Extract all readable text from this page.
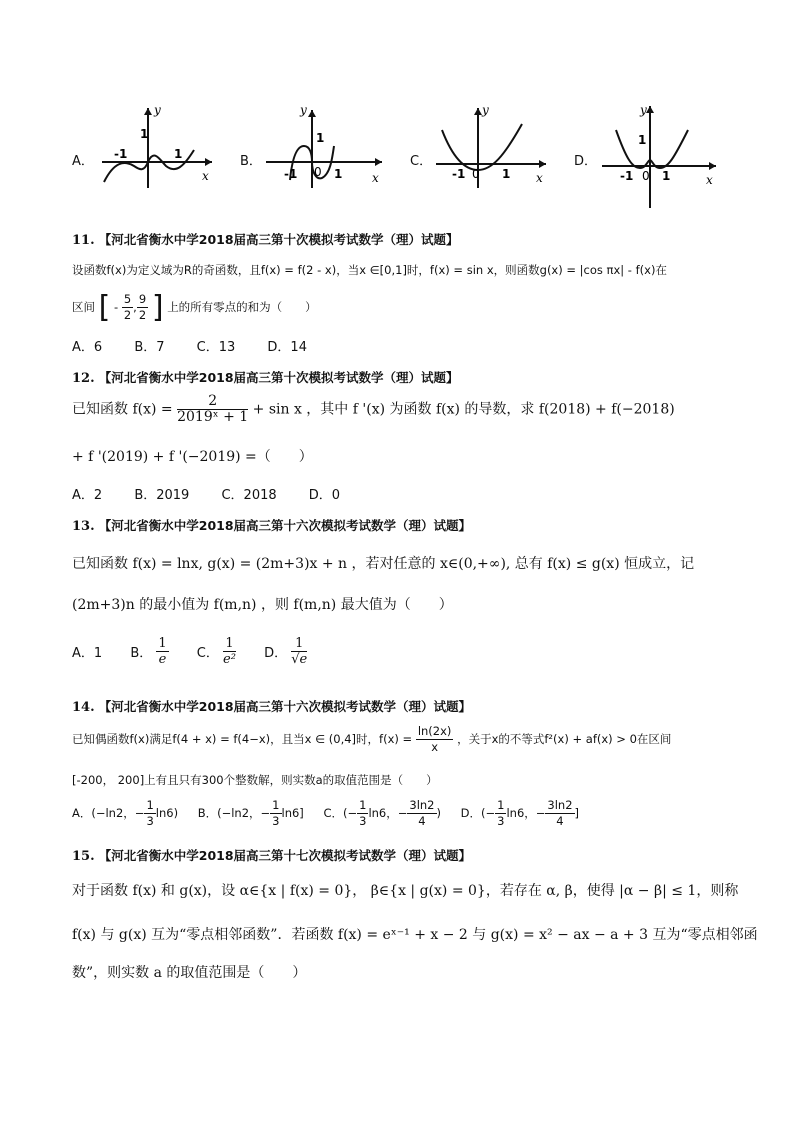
A． -1	1
1
y
x
B．
-1	1
1
0
y
x
C．
-1	1
0
y
x
D．
-1 1
1
0
y
x
11. 【河北省衡水中学2018届高三第十次模拟考试数学（理）试题】
设函数f(x)为定义域为R的奇函数，且f(x) = f(2 - x)，当x ∈[0,1]时，f(x) = sin x，则函数g(x) = |cos πx| - f(x)在
区间 [ - $\frac{5}{2}$ , $\frac{9}{2}$ ] 上的所有零点的和为（　　）
A．6 B．7 C．13 D．14
12. 【河北省衡水中学2018届高三第十次模拟考试数学（理）试题】
已知函数 $f(x) = \frac{2}{\text{2019ˣ + 1}} + \sin x$ ，其中 f '(x) 为函数 f(x) 的导数，求 f(2018) + f(−2018)
+ f '(2019) + f '(−2019) =（　　）
A．2 B．2019 C．2018 D．0
13. 【河北省衡水中学2018届高三第十六次模拟考试数学（理）试题】
已知函数 f(x) = lnx, g(x) = (2m+3)x + n ，若对任意的 x∈(0,+∞), 总有 f(x) ≤ g(x) 恒成立，记
(2m+3)n 的最小值为 f(m,n) ，则 f(m,n) 最大值为（　　）
A．1 B． $\frac{1}{e}$ C． $\frac{1}{\text{e²}}$ D． $\frac{1}{√e}$
14. 【河北省衡水中学2018届高三第十六次模拟考试数学（理）试题】
已知偶函数f(x)满足f(4 + x) = f(4−x)，且当x ∈ (0,4]时，$f(x) = \frac{\ln(2x)}{x}$ ，关于x的不等式f²(x) + af(x) > 0在区间
[-200， 200]上有且只有300个整数解，则实数a的取值范围是（　　）
A．(−ln2，− $\frac{1}{3} \ln 6$) B．(−ln2，− $\frac{1}{3} \ln 6$] C．(− $\frac{1}{3} \ln 6$，− $\frac{3\ln 2}{4}$ ) D．(− $\frac{1}{3} \ln 6$，− $\frac{3\ln 2}{4}$ ]
15. 【河北省衡水中学2018届高三第十七次模拟考试数学（理）试题】
对于函数 f(x) 和 g(x)，设 α∈{x | f(x) = 0}， β∈{x | g(x) = 0}，若存在 α, β，使得 |α − β| ≤ 1，则称
f(x) 与 g(x) 互为“零点相邻函数”．若函数 f(x) = eˣ⁻¹ + x − 2 与 g(x) = x² − ax − a + 3 互为“零点相邻函
数”，则实数 a 的取值范围是（　　）
